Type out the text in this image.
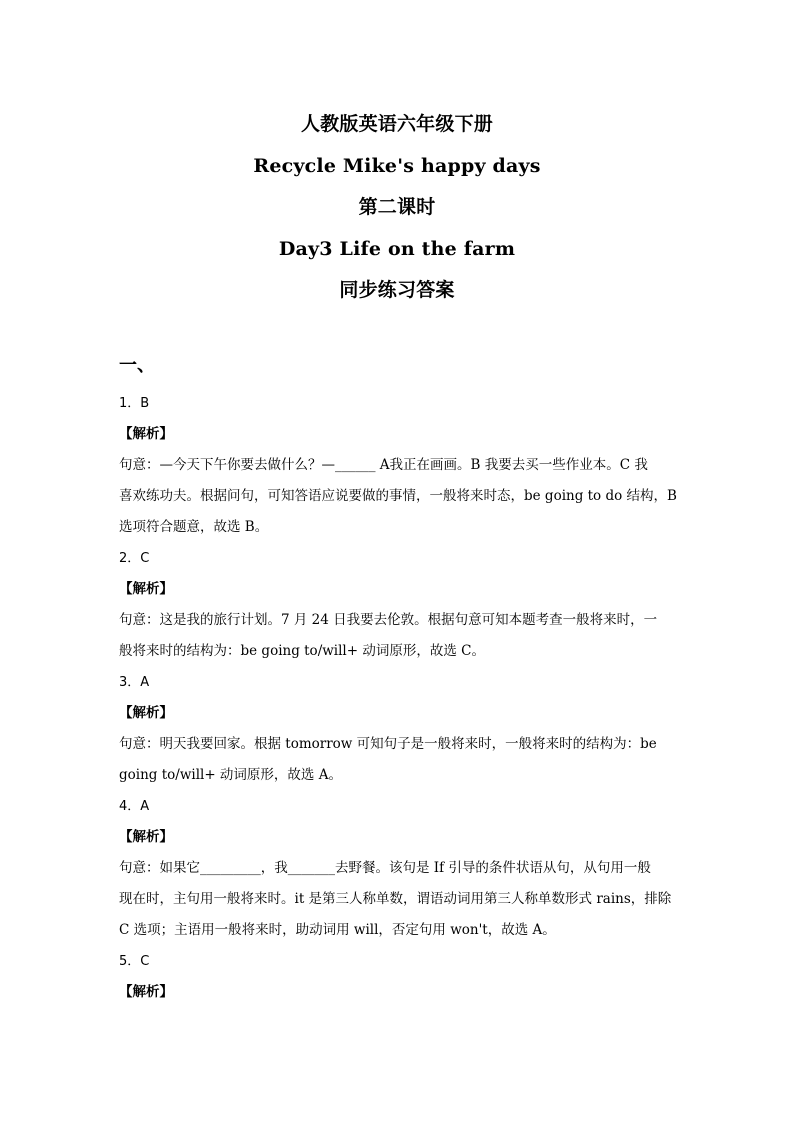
人教版英语六年级下册
Recycle Mike's happy days
第二课时
Day3 Life on the farm
同步练习答案
一、
1．B
【解析】
句意：—今天下午你要去做什么？—______ A我正在画画。B 我要去买一些作业本。C 我
喜欢练功夫。根据问句，可知答语应说要做的事情，一般将来时态，be going to do 结构，B
选项符合题意，故选 B。
2．C
【解析】
句意：这是我的旅行计划。7 月 24 日我要去伦敦。根据句意可知本题考查一般将来时，一
般将来时的结构为：be going to/will+ 动词原形，故选 C。
3．A
【解析】
句意：明天我要回家。根据 tomorrow 可知句子是一般将来时，一般将来时的结构为：be
going to/will+ 动词原形，故选 A。
4．A
【解析】
句意：如果它_________，我_______去野餐。该句是 If 引导的条件状语从句，从句用一般
现在时，主句用一般将来时。it 是第三人称单数，谓语动词用第三人称单数形式 rains，排除
C 选项；主语用一般将来时，助动词用 will，否定句用 won't，故选 A。
5．C
【解析】
